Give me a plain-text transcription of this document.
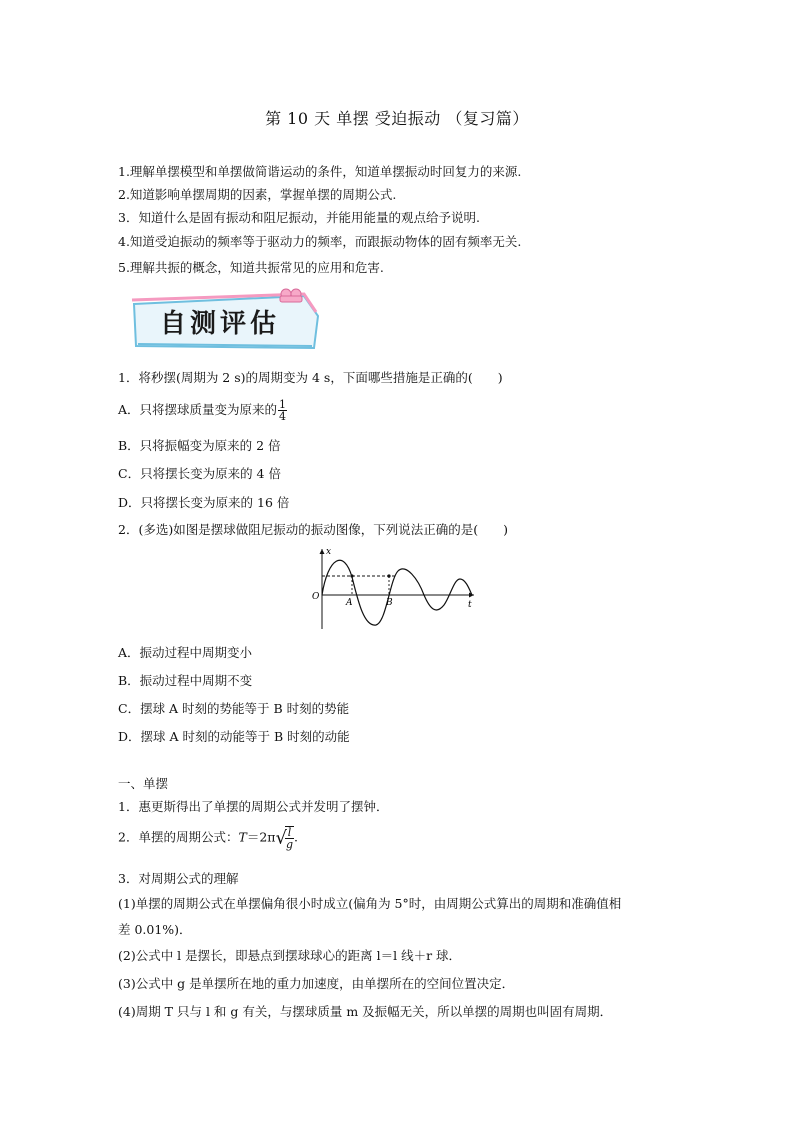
第 10 天 单摆 受迫振动 （复习篇）
1.理解单摆模型和单摆做简谐运动的条件，知道单摆振动时回复力的来源.
2.知道影响单摆周期的因素，掌握单摆的周期公式.
3．知道什么是固有振动和阻尼振动，并能用能量的观点给予说明.
4.知道受迫振动的频率等于驱动力的频率，而跟振动物体的固有频率无关.
5.理解共振的概念，知道共振常见的应用和危害.
自测评估
1．将秒摆(周期为 2 s)的周期变为 4 s，下面哪些措施是正确的(　　)
A．只将摆球质量变为原来的 $\frac{1}{4}$
B．只将振幅变为原来的 2 倍
C．只将摆长变为原来的 4 倍
D．只将摆长变为原来的 16 倍
2．(多选)如图是摆球做阻尼振动的振动图像，下列说法正确的是(　　)
x
O
t
A	B
A．振动过程中周期变小
B．振动过程中周期不变
C．摆球 A 时刻的势能等于 B 时刻的势能
D．摆球 A 时刻的动能等于 B 时刻的动能
一、单摆
1．惠更斯得出了单摆的周期公式并发明了摆钟．
2．单摆的周期公式：T＝2π√
$\frac{l}{g}$ .
3．对周期公式的理解
(1)单摆的周期公式在单摆偏角很小时成立(偏角为 5°时，由周期公式算出的周期和准确值相
差 0.01%)．
(2)公式中 l 是摆长，即悬点到摆球球心的距离 l＝l 线＋r 球．
(3)公式中 g 是单摆所在地的重力加速度，由单摆所在的空间位置决定．
(4)周期 T 只与 l 和 g 有关，与摆球质量 m 及振幅无关，所以单摆的周期也叫固有周期．
